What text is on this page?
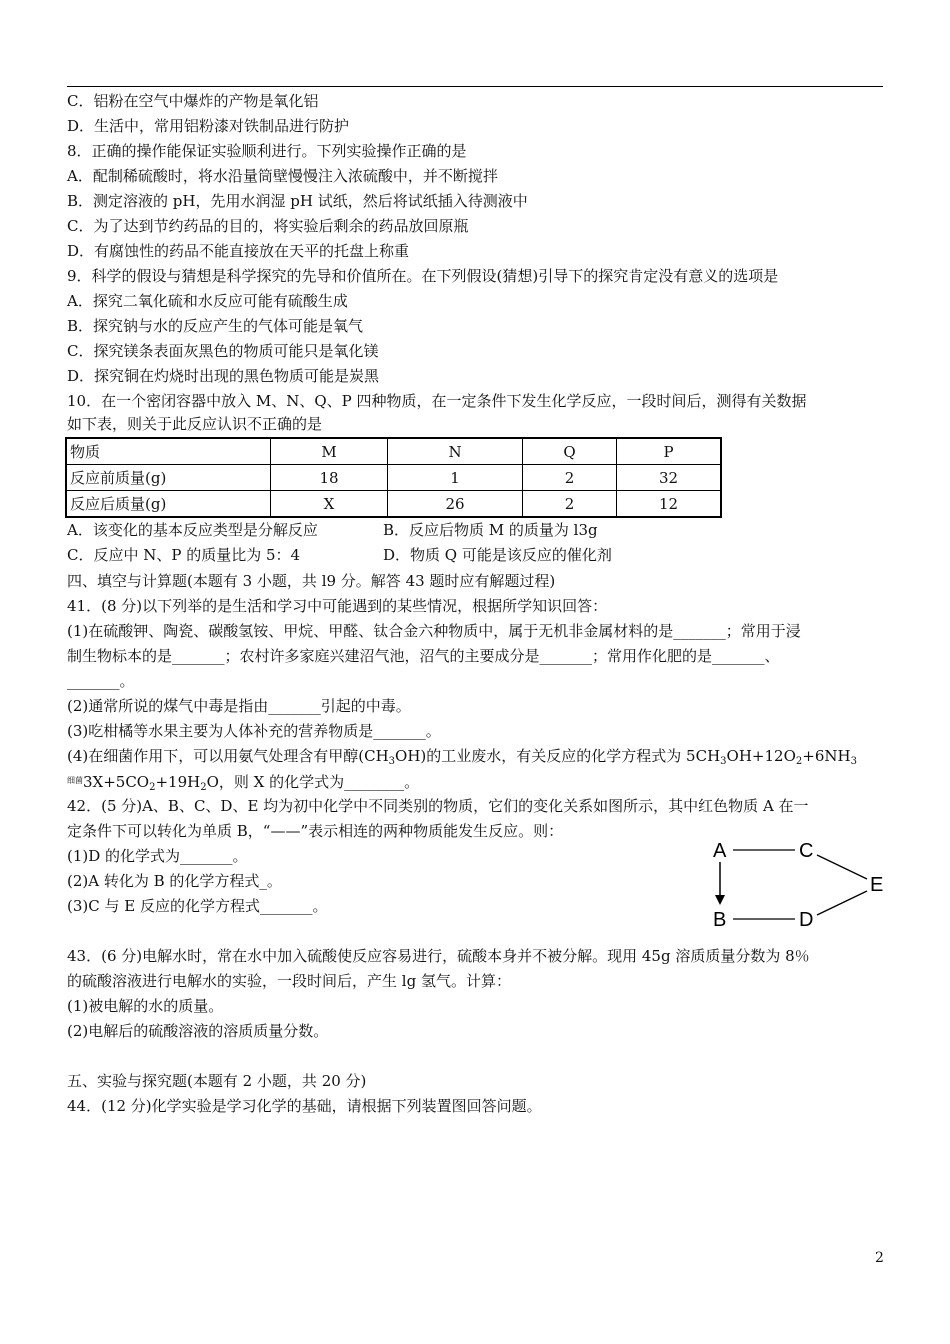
C．铝粉在空气中爆炸的产物是氧化铝
D．生活中，常用铝粉漆对铁制品进行防护
8．正确的操作能保证实验顺利进行。下列实验操作正确的是
A．配制稀硫酸时，将水沿量筒壁慢慢注入浓硫酸中，并不断搅拌
B．测定溶液的 pH，先用水润湿 pH 试纸，然后将试纸插入待测液中
C．为了达到节约药品的目的，将实验后剩余的药品放回原瓶
D．有腐蚀性的药品不能直接放在天平的托盘上称重
9．科学的假设与猜想是科学探究的先导和价值所在。在下列假设(猜想)引导下的探究肯定没有意义的选项是
A．探究二氧化硫和水反应可能有硫酸生成
B．探究钠与水的反应产生的气体可能是氧气
C．探究镁条表面灰黑色的物质可能只是氧化镁
D．探究铜在灼烧时出现的黑色物质可能是炭黑
10．在一个密闭容器中放入 M、N、Q、P 四种物质，在一定条件下发生化学反应，一段时间后，测得有关数据
如下表，则关于此反应认识不正确的是
物质	M	N	Q	P
反应前质量(g)	18	1	2	32
反应后质量(g)	X	26	2	12
A．该变化的基本反应类型是分解反应	B．反应后物质 M 的质量为 l3g
C．反应中 N、P 的质量比为 5：4	D．物质 Q 可能是该反应的催化剂
四、填空与计算题(本题有 3 小题，共 l9 分。解答 43 题时应有解题过程)
41．(8 分)以下列举的是生活和学习中可能遇到的某些情况，根据所学知识回答：
(1)在硫酸钾、陶瓷、碳酸氢铵、甲烷、甲醛、钛合金六种物质中，属于无机非金属材料的是_______；常用于浸
制生物标本的是_______；农村许多家庭兴建沼气池，沼气的主要成分是_______；常用作化肥的是_______、
_______。
(2)通常所说的煤气中毒是指由_______引起的中毒。
(3)吃柑橘等水果主要为人体补充的营养物质是_______。
(4)在细菌作用下，可以用氨气处理含有甲醇$(CH_3OH)$的工业废水，有关反应的化学方程式为 $5CH_3OH+12O_2+6NH_3$
$^{细菌}3X+5CO_2+19H_2O$，则 X 的化学式为________。
42．(5 分)A、B、C、D、E 均为初中化学中不同类别的物质，它们的变化关系如图所示，其中红色物质 A 在一
定条件下可以转化为单质 B，“——”表示相连的两种物质能发生反应。则：
(1)D 的化学式为_______。
(2)A 转化为 B 的化学方程式_。
(3)C 与 E 反应的化学方程式_______。
A	C
E
B	D
43．(6 分)电解水时，常在水中加入硫酸使反应容易进行，硫酸本身并不被分解。现用 45g 溶质质量分数为 8％
的硫酸溶液进行电解水的实验，一段时间后，产生 lg 氢气。计算：
(1)被电解的水的质量。
(2)电解后的硫酸溶液的溶质质量分数。
五、实验与探究题(本题有 2 小题，共 20 分)
44．(12 分)化学实验是学习化学的基础，请根据下列装置图回答问题。
2
